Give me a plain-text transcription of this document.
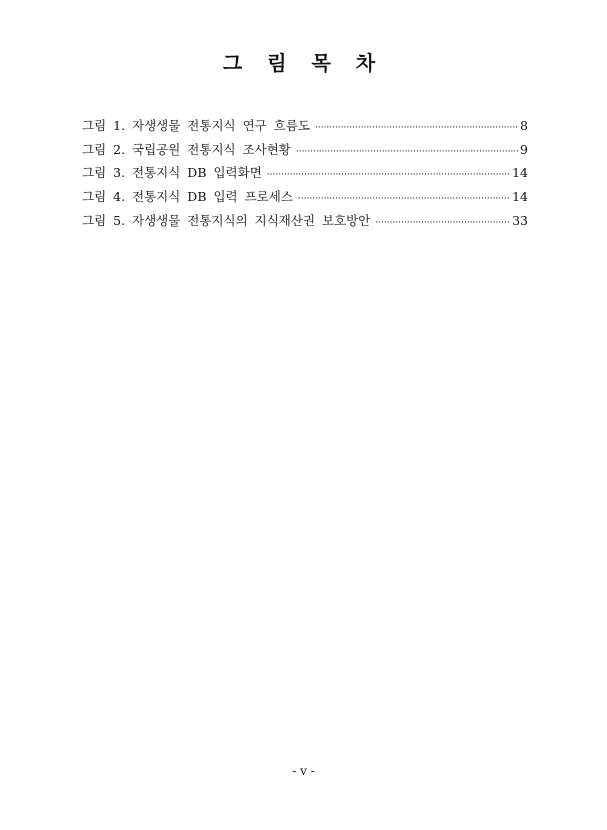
그 림 목 차
그림 1. 자생생물 전통지식 연구 흐름도 ·····	8
그림 2. 국립공원 전통지식 조사현황 ·····	9
그림 3. 전통지식 DB 입력화면 ·····	14
그림 4. 전통지식 DB 입력 프로세스 ·····	14
그림 5. 자생생물 전통지식의 지식재산권 보호방안 ·····	33
- v -
